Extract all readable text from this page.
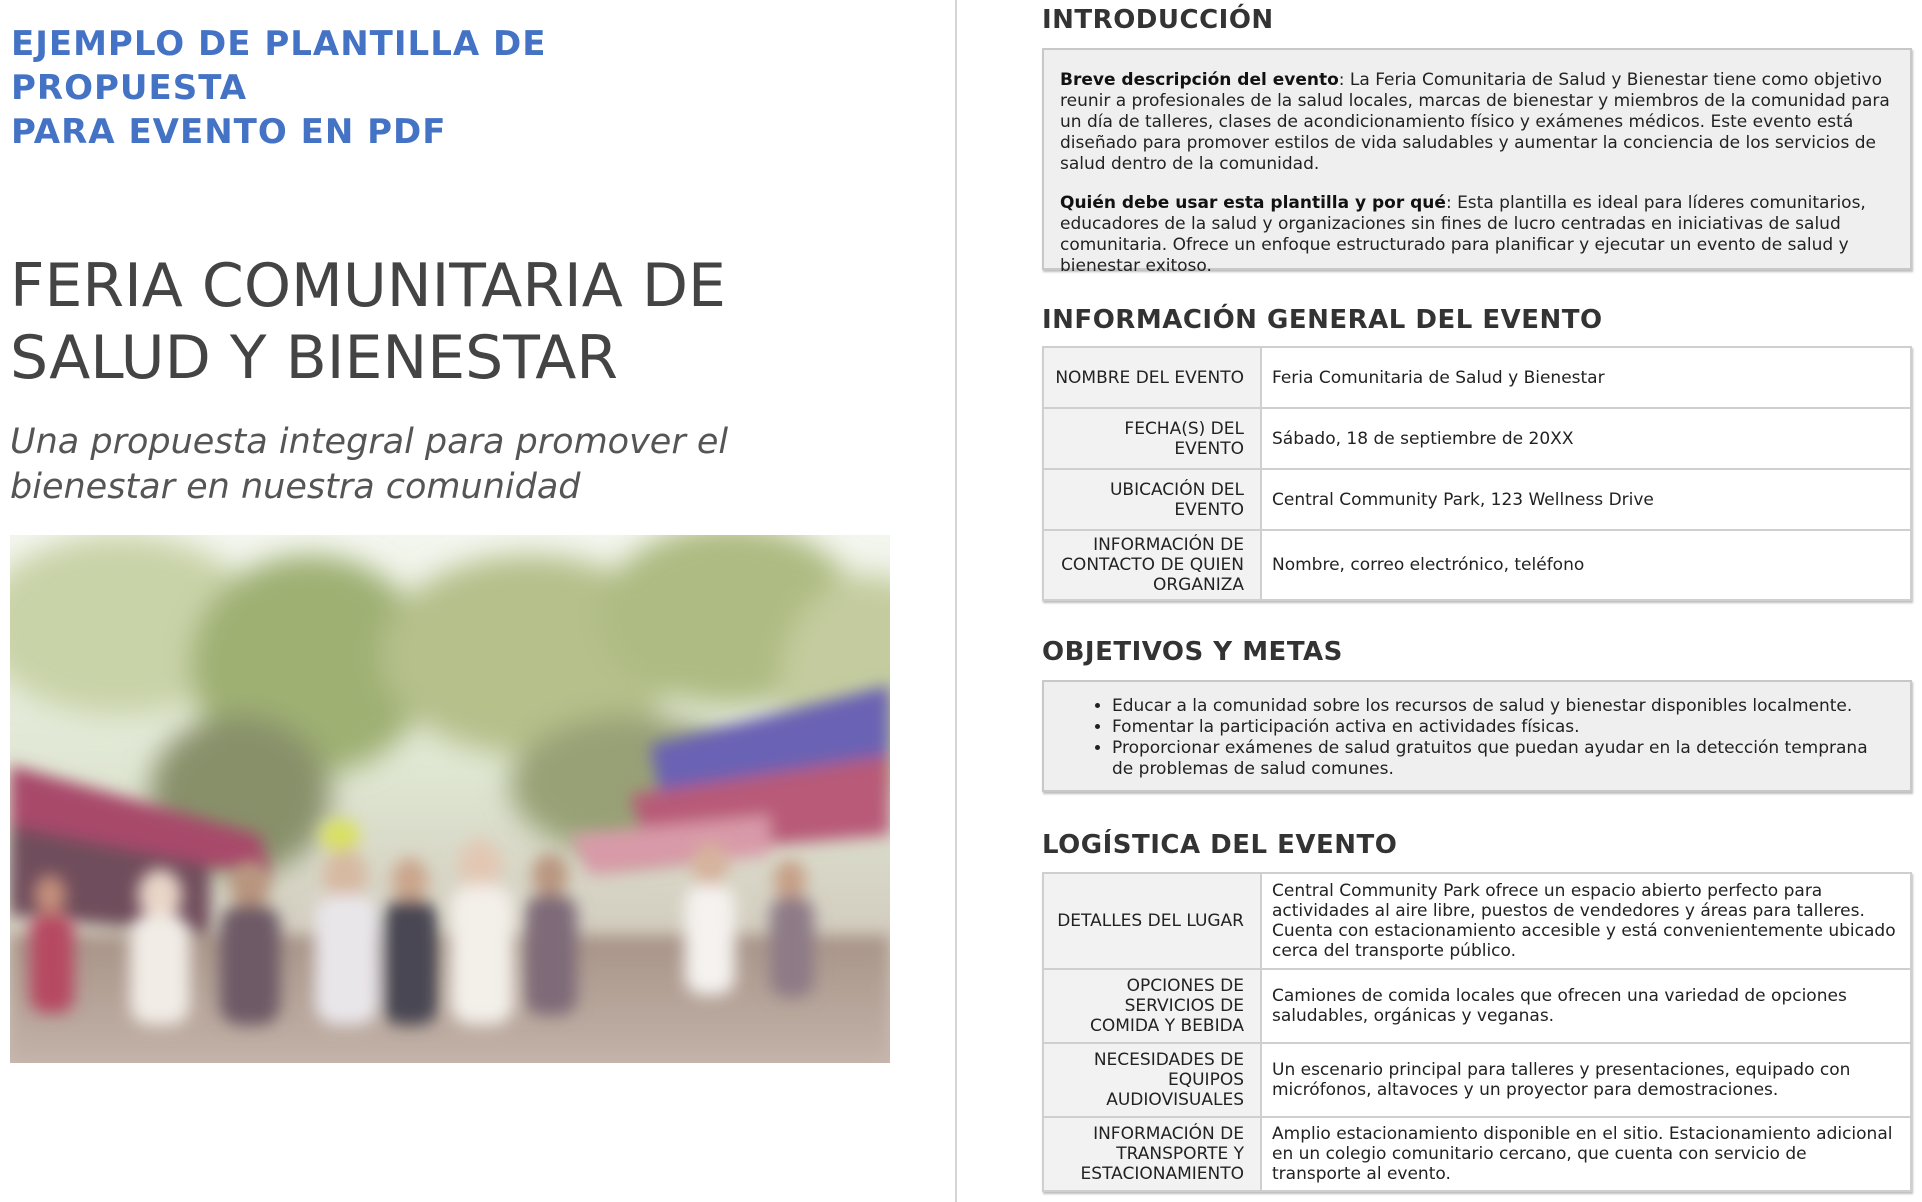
EJEMPLO DE PLANTILLA DE PROPUESTA
PARA EVENTO EN PDF
FERIA COMUNITARIA DE
SALUD Y BIENESTAR
Una propuesta integral para promover el
bienestar en nuestra comunidad
INTRODUCCIÓN

Breve descripción del evento: La Feria Comunitaria de Salud y Bienestar tiene como objetivo reunir a profesionales de la salud locales, marcas de bienestar y miembros de la comunidad para un día de talleres, clases de acondicionamiento físico y exámenes médicos. Este evento está diseñado para promover estilos de vida saludables y aumentar la conciencia de los servicios de salud dentro de la comunidad.

Quién debe usar esta plantilla y por qué: Esta plantilla es ideal para líderes comunitarios, educadores de la salud y organizaciones sin fines de lucro centradas en iniciativas de salud comunitaria. Ofrece un enfoque estructurado para planificar y ejecutar un evento de salud y bienestar exitoso.

INFORMACIÓN GENERAL DEL EVENTO
NOMBRE DEL EVENTO	Feria Comunitaria de Salud y Bienestar
FECHA(S) DEL EVENTO	Sábado, 18 de septiembre de 20XX
UBICACIÓN DEL EVENTO	Central Community Park, 123 Wellness Drive
INFORMACIÓN DE CONTACTO DE QUIEN ORGANIZA	Nombre, correo electrónico, teléfono
OBJETIVOS Y METAS
• Educar a la comunidad sobre los recursos de salud y bienestar disponibles localmente.
• Fomentar la participación activa en actividades físicas.
• Proporcionar exámenes de salud gratuitos que puedan ayudar en la detección temprana de problemas de salud comunes.
LOGÍSTICA DEL EVENTO
DETALLES DEL LUGAR	Central Community Park ofrece un espacio abierto perfecto para actividades al aire libre, puestos de vendedores y áreas para talleres. Cuenta con estacionamiento accesible y está convenientemente ubicado cerca del transporte público.
OPCIONES DE SERVICIOS DE COMIDA Y BEBIDA	Camiones de comida locales que ofrecen una variedad de opciones saludables, orgánicas y veganas.
NECESIDADES DE EQUIPOS AUDIOVISUALES	Un escenario principal para talleres y presentaciones, equipado con micrófonos, altavoces y un proyector para demostraciones.
INFORMACIÓN DE TRANSPORTE Y ESTACIONAMIENTO	Amplio estacionamiento disponible en el sitio. Estacionamiento adicional en un colegio comunitario cercano, que cuenta con servicio de transporte al evento.
